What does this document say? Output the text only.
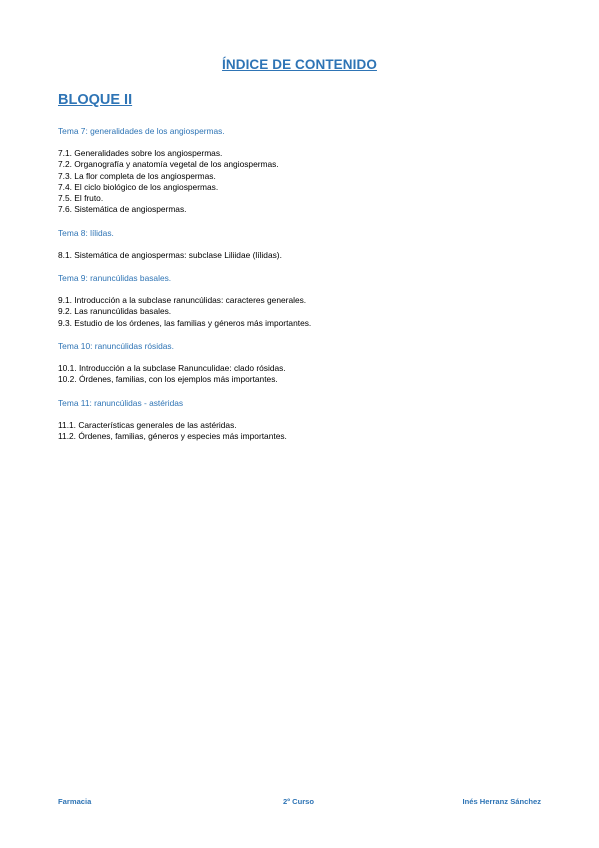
ÍNDICE DE CONTENIDO
BLOQUE II
Tema 7: generalidades de los angiospermas.
7.1. Generalidades sobre los angiospermas.
7.2. Organografía y anatomía vegetal de los angiospermas.
7.3. La flor completa de los angiospermas.
7.4. El ciclo biológico de los angiospermas.
7.5. El fruto.
7.6. Sistemática de angiospermas.
Tema 8: lílidas.
8.1. Sistemática de angiospermas: subclase Liliidae (lílidas).
Tema 9: ranuncúlidas basales.
9.1. Introducción a la subclase ranuncúlidas: caracteres generales.
9.2. Las ranuncúlidas basales.
9.3. Estudio de los órdenes, las familias y géneros más importantes.
Tema 10: ranuncúlidas rósidas.
10.1. Introducción a la subclase Ranunculidae: clado rósidas.
10.2. Órdenes, familias, con los ejemplos más importantes.
Tema 11: ranuncúlidas - astéridas
11.1. Características generales de las astéridas.
11.2. Órdenes, familias, géneros y especies más importantes.
Farmacia	2º Curso	Inés Herranz Sánchez
